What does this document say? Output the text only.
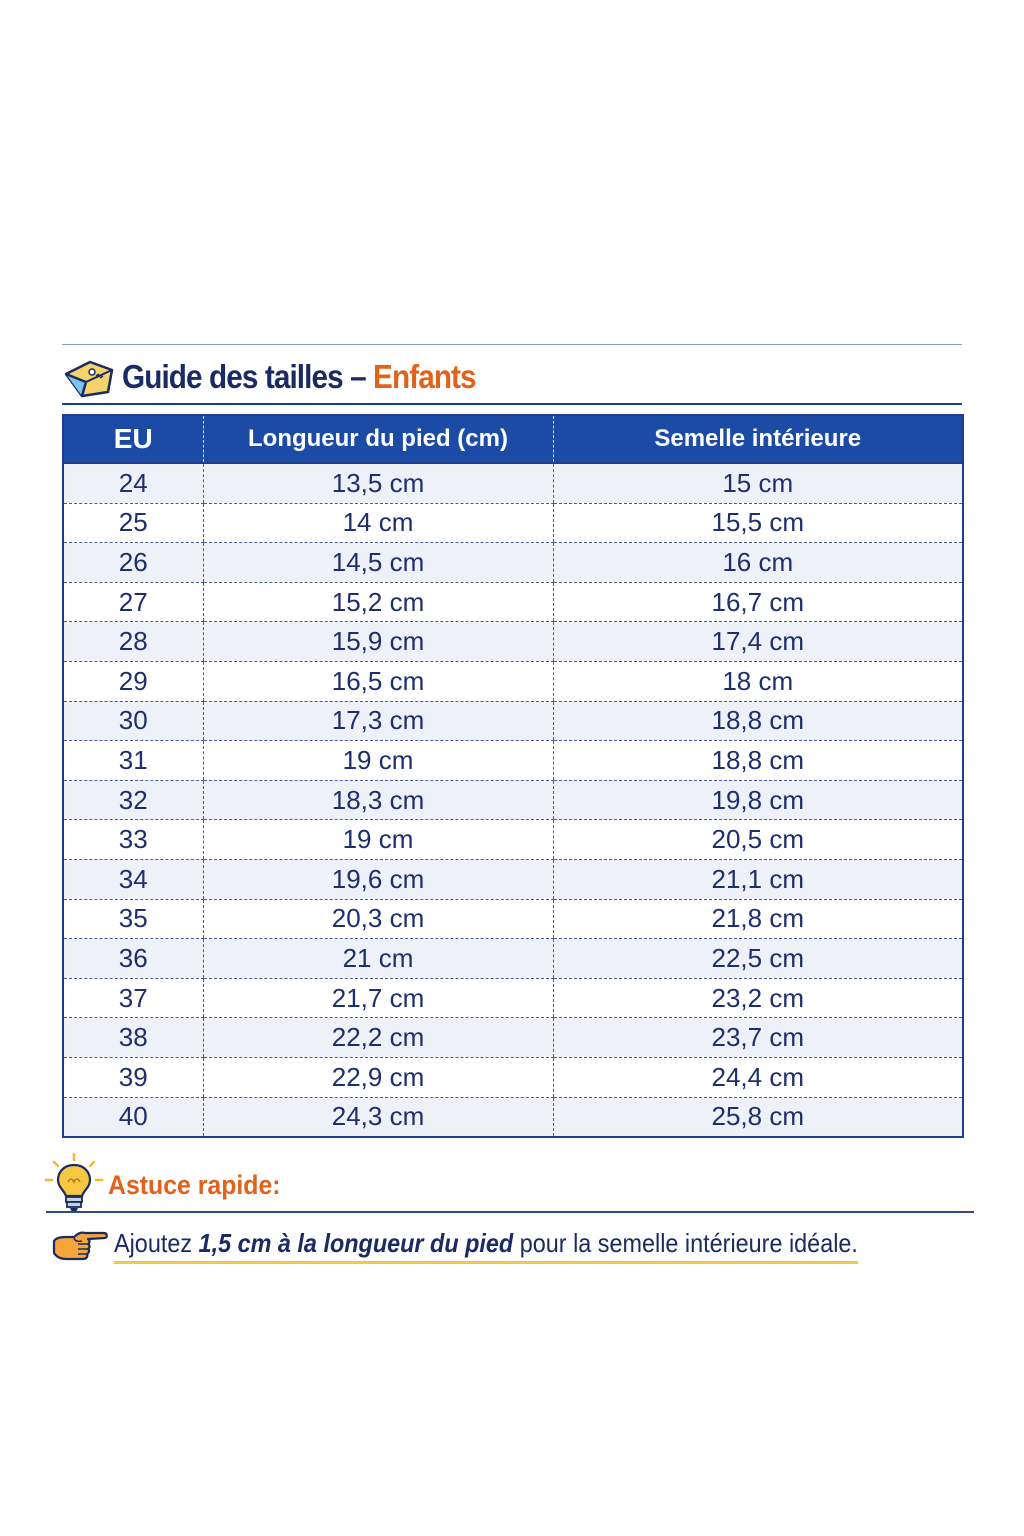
Guide des tailles – Enfants
EU	Longueur du pied (cm)	Semelle intérieure
24	13,5 cm	15 cm
25	14 cm	15,5 cm
26	14,5 cm	16 cm
27	15,2 cm	16,7 cm
28	15,9 cm	17,4 cm
29	16,5 cm	18 cm
30	17,3 cm	18,8 cm
31	19 cm	18,8 cm
32	18,3 cm	19,8 cm
33	19 cm	20,5 cm
34	19,6 cm	21,1 cm
35	20,3 cm	21,8 cm
36	21 cm	22,5 cm
37	21,7 cm	23,2 cm
38	22,2 cm	23,7 cm
39	22,9 cm	24,4 cm
40	24,3 cm	25,8 cm
Astuce rapide:
Ajoutez 1,5 cm à la longueur du pied pour la semelle intérieure idéale.
